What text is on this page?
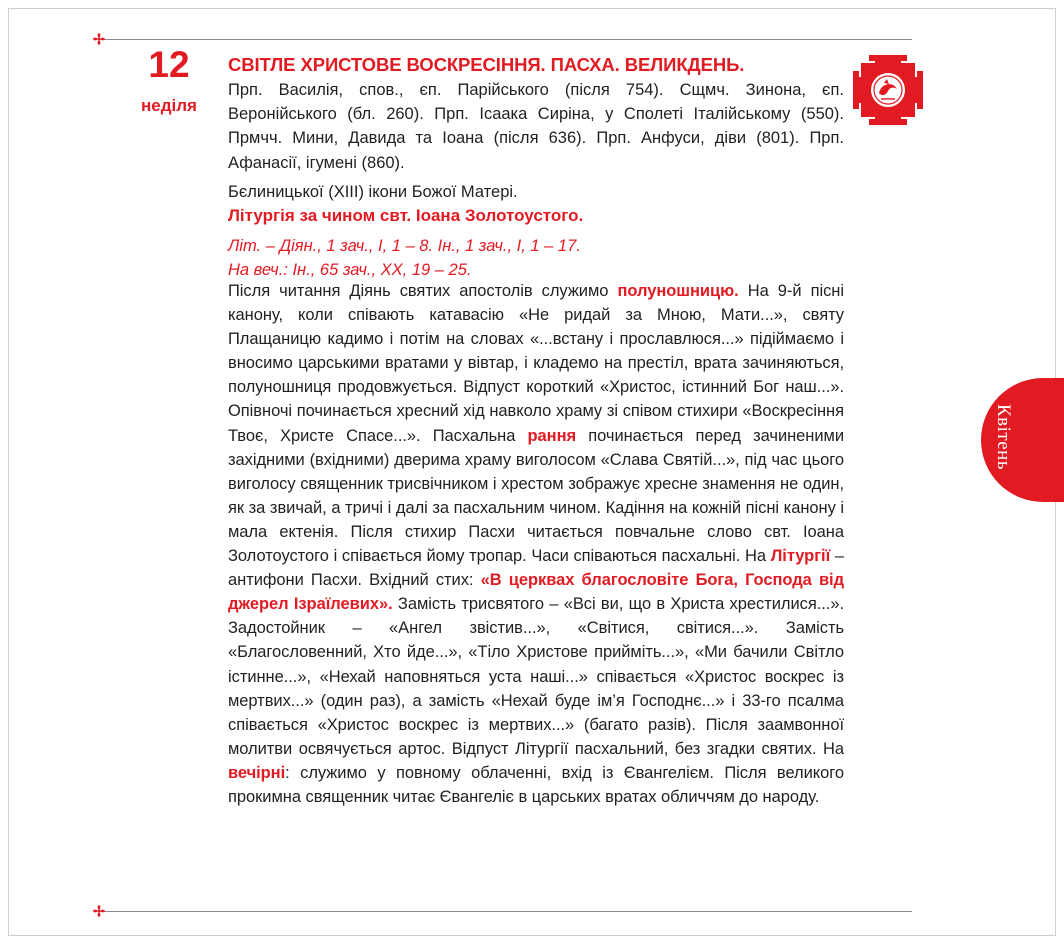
12
неділя
СВІТЛЕ ХРИСТОВЕ ВОСКРЕСІННЯ. ПАСХА. ВЕЛИКДЕНЬ.
Прп. Василія, спов., єп. Парійського (після 754). Сщмч. Зинона, єп. Веронійського (бл. 260). Прп. Ісаака Сиріна, у Сполеті Італійському (550). Прмчч. Мини, Давида та Іоана (після 636). Прп. Анфуси, діви (801). Прп. Афанасії, ігумені (860).
Бєлиницької (XIII) ікони Божої Матері.
Літургія за чином свт. Іоана Золотоустого.
Літ. – Діян., 1 зач., I, 1 – 8. Ін., 1 зач., I, 1 – 17.
На веч.: Ін., 65 зач., XX, 19 – 25.
Після читання Діянь святих апостолів служимо полуношницю. На 9-й пісні канону, коли співають катавасію «Не ридай за Мною, Мати...», святу Плащаницю кадимо і потім на словах «...встану і прославлюся...» підіймаємо і вносимо царськими вратами у вівтар, і кладемо на престіл, врата зачиняються, полуношниця продовжується. Відпуст короткий «Христос, істинний Бог наш...». Опівночі починається хресний хід навколо храму зі співом стихири «Воскресіння Твоє, Христе Спасе...». Пасхальна рання починається перед зачиненими західними (вхідними) дверима храму виголосом «Слава Святій...», під час цього виголосу священник трисвічником і хрестом зображує хресне знамення не один, як за звичай, а тричі і далі за пасхальним чином. Кадіння на кожній пісні канону і мала ектенія. Після стихир Пасхи читається повчальне слово свт. Іоана Золотоустого і співається йому тропар. Часи співаються пасхальні. На Літургії – антифони Пасхи. Вхідний стих: «В церквах благословіте Бога, Господа від джерел Ізраїлевих». Замість трисвятого – «Всі ви, що в Христа хрестилися...». Задостойник – «Ангел звістив...», «Світися, світися...». Замість «Благословенний, Хто йде...», «Тіло Христове прийміть...», «Ми бачили Світло істинне...», «Нехай наповняться уста наші...» співається «Христос воскрес із мертвих...» (один раз), а замість «Нехай буде ім’я Господнє...» і 33-го псалма співається «Христос воскрес із мертвих...» (багато разів). Після заамвонної молитви освячується артос. Відпуст Літургії пасхальний, без згадки святих. На вечірні: служимо у повному облаченні, вхід із Євангелієм. Після великого прокимна священник читає Євангеліє в царських вратах обличчям до народу.
Квітень
